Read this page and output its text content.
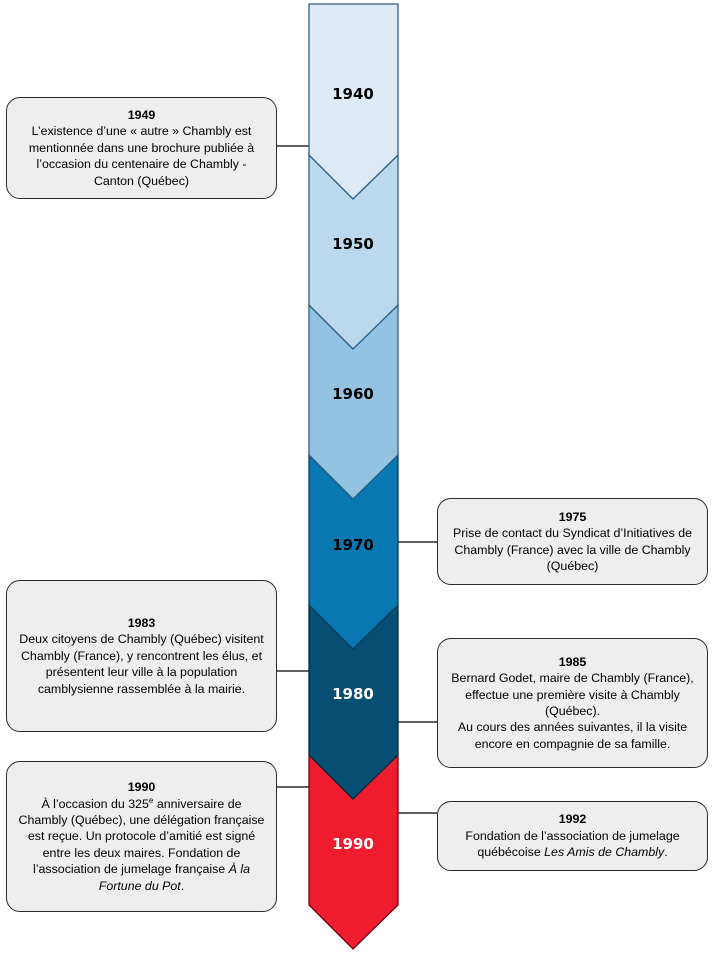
1940
1950
1960
1970
1980
1990
1949

L’existence d’une « autre » Chambly est mentionnée dans une brochure publiée à l’occasion du centenaire de Chambly -Canton (Québec)

1975

Prise de contact du Syndicat d’Initiatives de Chambly (France) avec la ville de Chambly (Québec)

1983

Deux citoyens de Chambly (Québec) visitent Chambly (France), y rencontrent les élus, et présentent leur ville à la population camblysienne rassemblée à la mairie.

1985

Bernard Godet, maire de Chambly (France), effectue une première visite à Chambly (Québec).

Au cours des années suivantes, il la visite encore en compagnie de sa famille.

1990

À l’occasion du 325e anniversaire de Chambly (Québec), une délégation française est reçue. Un protocole d’amitié est signé entre les deux maires. Fondation de l’association de jumelage française À la Fortune du Pot.

1992

Fondation de l’association de jumelage québécoise Les Amis de Chambly.
